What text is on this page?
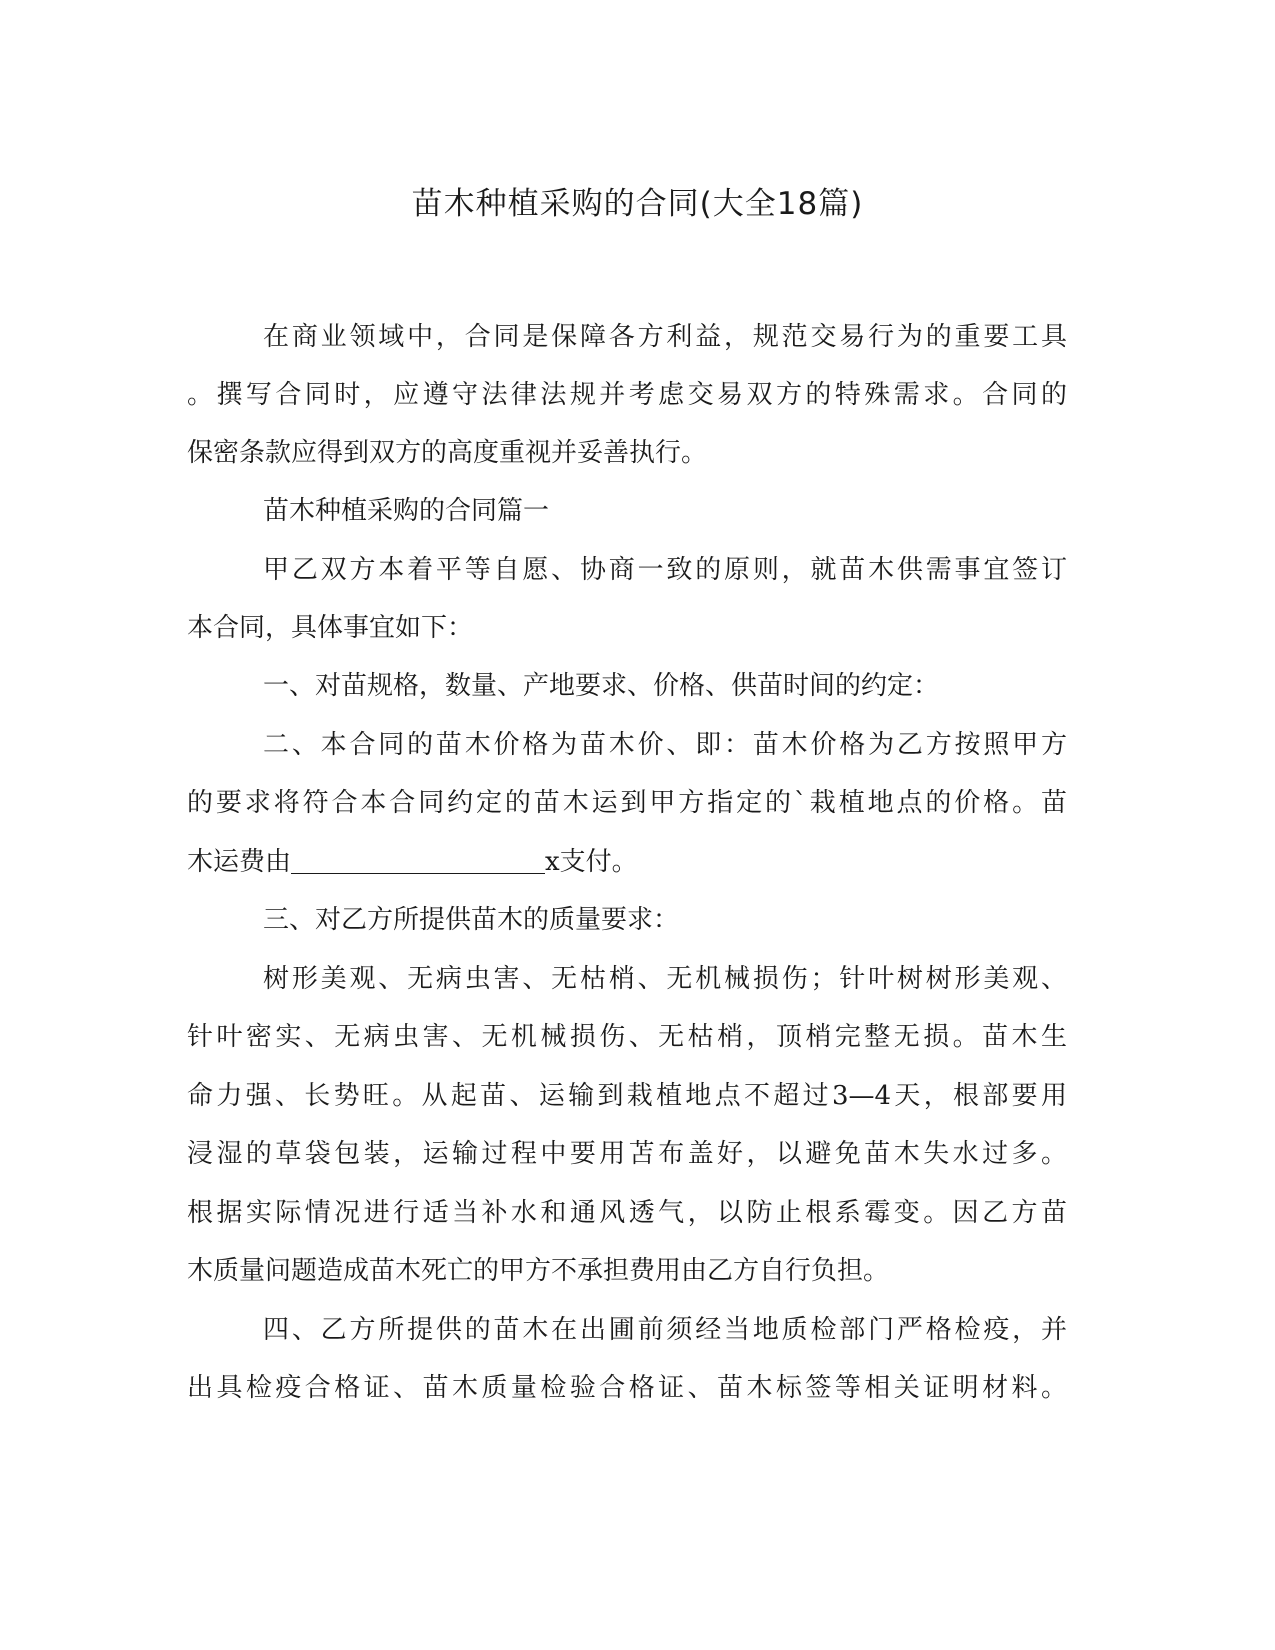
苗木种植采购的合同(大全18篇)
在商业领域中，合同是保障各方利益，规范交易行为的重要工具
。撰写合同时，应遵守法律法规并考虑交易双方的特殊需求。合同的
保密条款应得到双方的高度重视并妥善执行。
苗木种植采购的合同篇一
甲乙双方本着平等自愿、协商一致的原则，就苗木供需事宜签订
本合同，具体事宜如下：
一、对苗规格，数量、产地要求、价格、供苗时间的约定：
二、本合同的苗木价格为苗木价、即：苗木价格为乙方按照甲方
的要求将符合本合同约定的苗木运到甲方指定的`栽植地点的价格。苗
木运费由	x支付。
三、对乙方所提供苗木的质量要求：
树形美观、无病虫害、无枯梢、无机械损伤；针叶树树形美观、
针叶密实、无病虫害、无机械损伤、无枯梢，顶梢完整无损。苗木生
命力强、长势旺。从起苗、运输到栽植地点不超过3—4天，根部要用
浸湿的草袋包装，运输过程中要用苫布盖好，以避免苗木失水过多。
根据实际情况进行适当补水和通风透气，以防止根系霉变。因乙方苗
木质量问题造成苗木死亡的甲方不承担费用由乙方自行负担。
四、乙方所提供的苗木在出圃前须经当地质检部门严格检疫，并
出具检疫合格证、苗木质量检验合格证、苗木标签等相关证明材料。
